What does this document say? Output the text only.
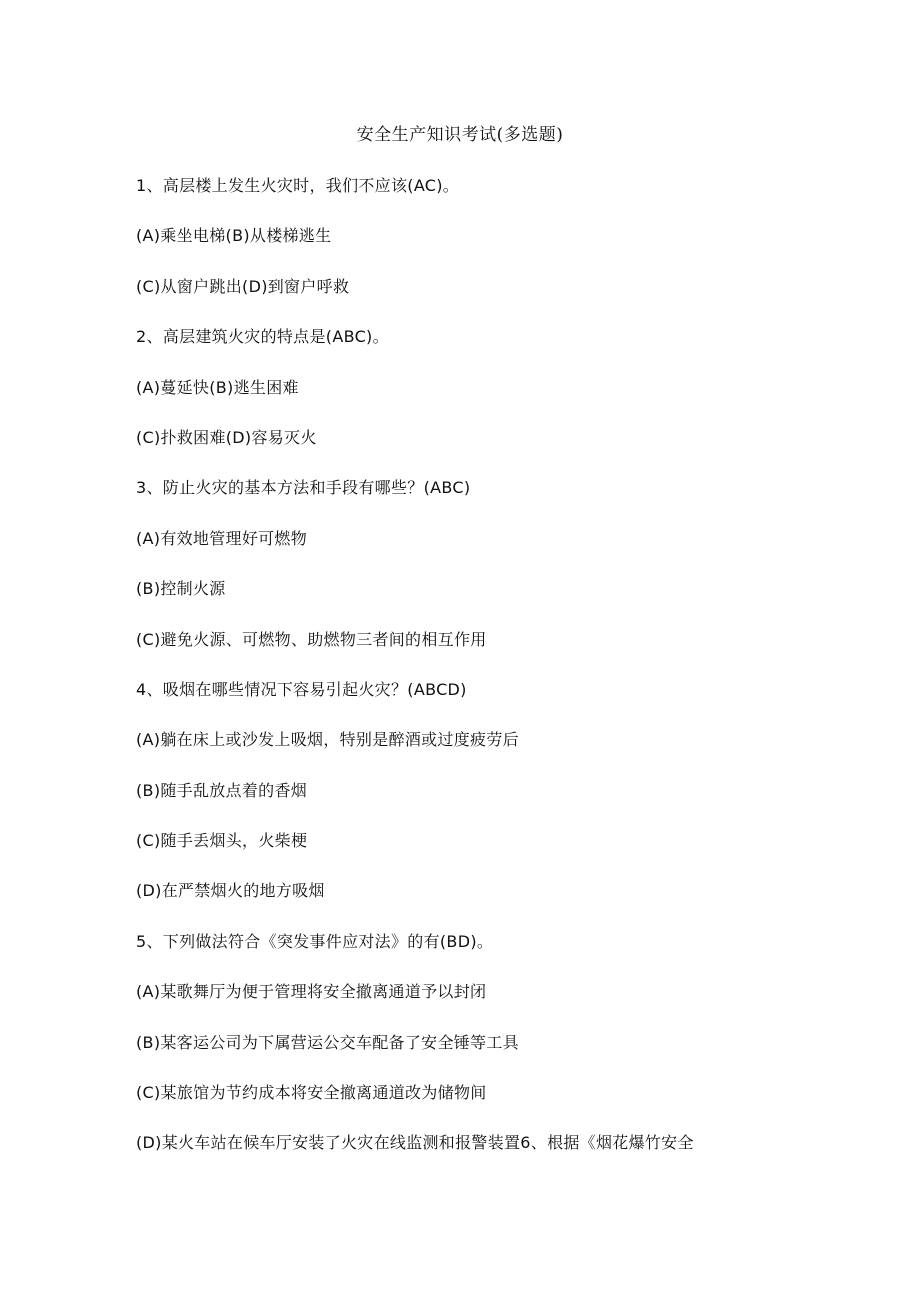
安全生产知识考试(多选题)
1、高层楼上发生火灾时，我们不应该(AC)。
(A)乘坐电梯(B)从楼梯逃生
(C)从窗户跳出(D)到窗户呼救
2、高层建筑火灾的特点是(ABC)。
(A)蔓延快(B)逃生困难
(C)扑救困难(D)容易灭火
3、防止火灾的基本方法和手段有哪些？(ABC)
(A)有效地管理好可燃物
(B)控制火源
(C)避免火源、可燃物、助燃物三者间的相互作用
4、吸烟在哪些情况下容易引起火灾？(ABCD)
(A)躺在床上或沙发上吸烟，特别是醉酒或过度疲劳后
(B)随手乱放点着的香烟
(C)随手丢烟头，火柴梗
(D)在严禁烟火的地方吸烟
5、下列做法符合《突发事件应对法》的有(BD)。
(A)某歌舞厅为便于管理将安全撤离通道予以封闭
(B)某客运公司为下属营运公交车配备了安全锤等工具
(C)某旅馆为节约成本将安全撤离通道改为储物间
(D)某火车站在候车厅安装了火灾在线监测和报警装置6、根据《烟花爆竹安全
